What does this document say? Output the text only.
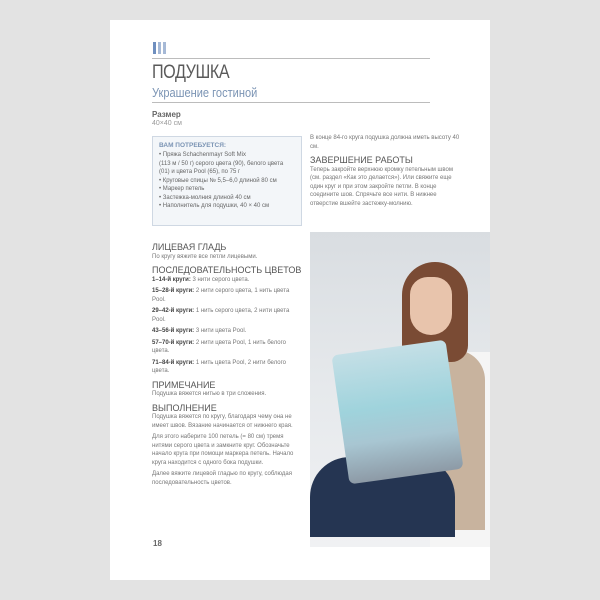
ПОДУШКА
Украшение гостиной
Размер
40×40 см
ВАМ ПОТРЕБУЕТСЯ:
• Пряжа Schachenmayr Soft Mix
(113 м / 50 г) серого цвета (90), белого цвета (01) и цвета Pool (65), по 75 г
• Круговые спицы № 5,5–6,0 длиной 80 см
• Маркер петель
• Застежка-молния длиной 40 см
• Наполнитель для подушки, 40 × 40 см

В конце 84-го круга подушка должна иметь высоту 40 см.

ЗАВЕРШЕНИЕ РАБОТЫ

Теперь закройте верхнюю кромку петельным швом (см. раздел «Как это делается»). Или свяжите еще один круг и при этом закройте петли. В конце соедините шов. Спрячьте все нити. В нижнее отверстие вшейте застежку-молнию.

ЛИЦЕВАЯ ГЛАДЬ

По кругу вяжите все петли лицевыми.

ПОСЛЕДОВАТЕЛЬНОСТЬ ЦВЕТОВ

1–14-й круги: 3 нити серого цвета.

15–28-й круги: 2 нити серого цвета, 1 нить цвета Pool.

29–42-й круги: 1 нить серого цвета, 2 нити цвета Pool.

43–56-й круги: 3 нити цвета Pool.

57–70-й круги: 2 нити цвета Pool, 1 нить белого цвета.

71–84-й круги: 1 нить цвета Pool, 2 нити белого цвета.

ПРИМЕЧАНИЕ

Подушка вяжется нитью в три сложения.

ВЫПОЛНЕНИЕ

Подушка вяжется по кругу, благодаря чему она не имеет швов. Вязание начинается от нижнего края.

Для этого наберите 100 петель (= 80 см) тремя нитями серого цвета и замкните круг. Обозначьте начало круга при помощи маркера петель. Начало круга находится с одного бока подушки.

Далее вяжите лицевой гладью по кругу, соблюдая последовательность цветов.

18
